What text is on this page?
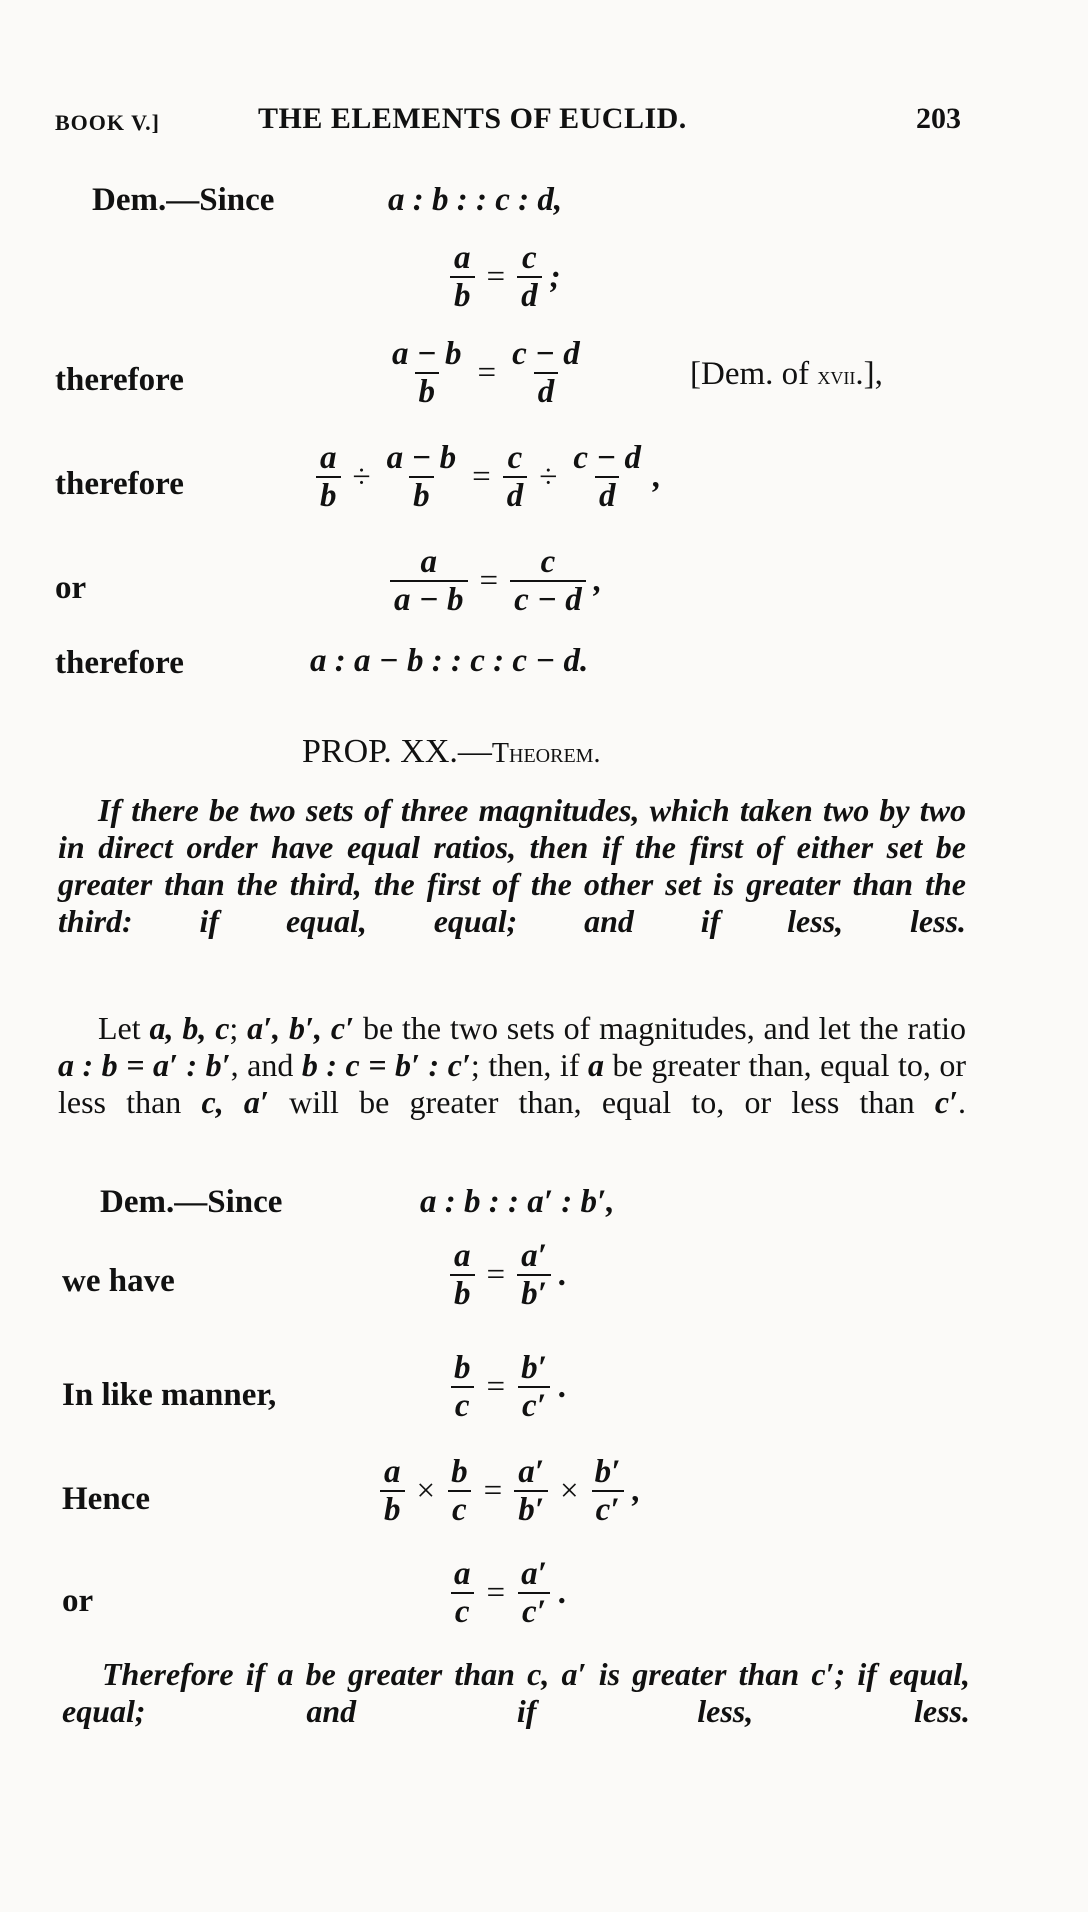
BOOK V.]	THE ELEMENTS OF EUCLID.	203
Dem.—Since	a : b : : c : d,
$\frac{a}{b} = \frac{c}{d}$ ;
therefore	$\frac{a - b}{b} = \frac{c - d}{d}$	[Dem. of xvii.],
therefore	$\frac{a}{b} \div \frac{a - b}{b} = \frac{c}{d} \div \frac{c - d}{d}$ ,
or	$\frac{a}{a - b} = \frac{c}{c - d}$ ,
therefore	a : a − b : : c : c − d.
PROP. XX.—Theorem.
If there be two sets of three magnitudes, which taken two by two in direct order have equal ratios, then if the first of either set be greater than the third, the first of the other set is greater than the third: if equal, equal; and if less, less.
Let a, b, c; a′, b′, c′ be the two sets of magnitudes, and let the ratio a : b = a′ : b′, and b : c = b′ : c′; then, if a be greater than, equal to, or less than c, a′ will be greater than, equal to, or less than c′.
Dem.—Since	a : b : : a′ : b′,
we have	$\frac{a}{b} = \frac{a'}{b'}$ .
In like manner,	$\frac{b}{c} = \frac{b'}{c'}$ .
Hence	$\frac{a}{b} \times \frac{b}{c} = \frac{a'}{b'} \times \frac{b'}{c'}$ ,
or	$\frac{a}{c} = \frac{a'}{c'}$ .
Therefore if a be greater than c, a′ is greater than c′; if equal, equal; and if less, less.
